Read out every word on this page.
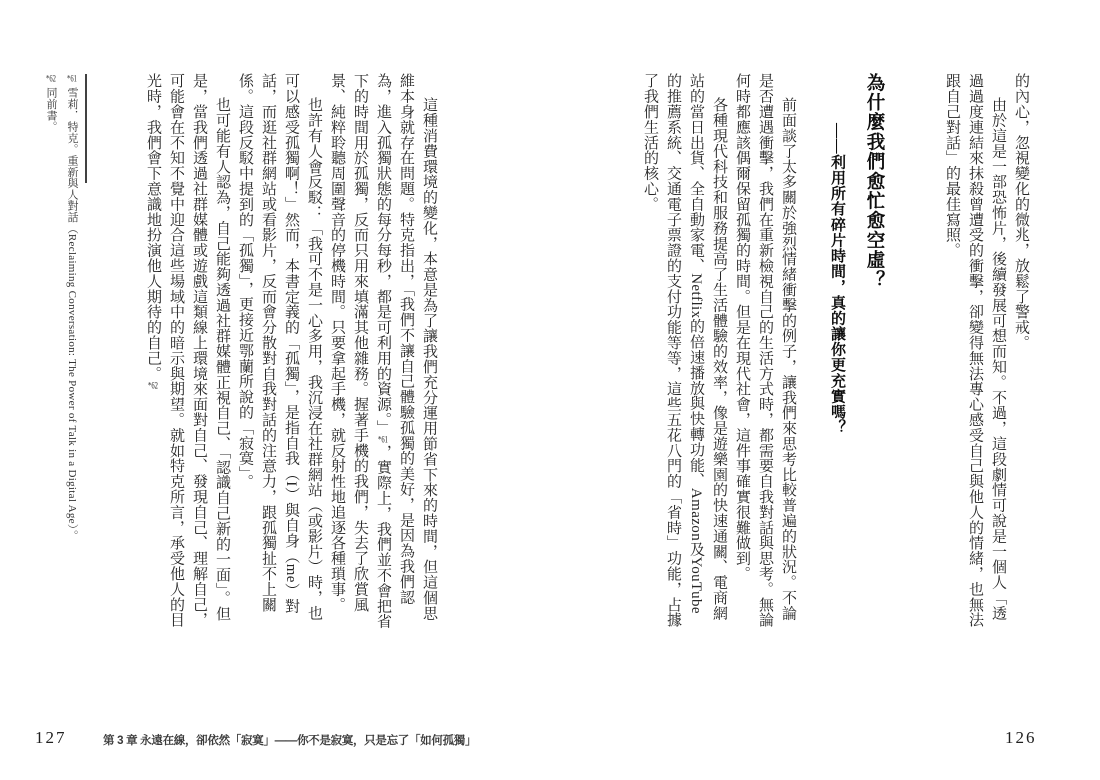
這種消費環境的變化，本意是為了讓我們充分運用節省下來的時間，但這個思維本身就存在問題。特克指出，「我們不讓自己體驗孤獨的美好，是因為我們認為，進入孤獨狀態的每分每秒，都是可利用的資源。」*61，實際上，我們並不會把省下的時間用於孤獨，反而只用來填滿其他雜務。握著手機的我們，失去了欣賞風景、純粹聆聽周圍聲音的停機時間。只要拿起手機，就反射性地追逐各種瑣事。

也許有人會反駁：「我可不是一心多用，我沉浸在社群網站（或影片）時，也可以感受孤獨啊！」然而，本書定義的「孤獨」，是指自我（I）與自身（me）對話，而逛社群網站或看影片，反而會分散對自我對話的注意力，跟孤獨扯不上關係。這段反駁中提到的「孤獨」，更接近鄂蘭所說的「寂寞」。

也可能有人認為，自己能夠透過社群媒體正視自己、「認識自己新的一面」。但是，當我們透過社群媒體或遊戲這類線上環境來面對自己、發現自己、理解自己，可能會在不知不覺中迎合這些場域中的暗示與期望。就如特克所言，承受他人的目光時，我們會下意識地扮演他人期待的自己。*62

*61雪莉．特克。重新與人對話（Reclaiming Conversation: The Power of Talk in a Digital Age）。

*62同前書。

127	第 3 章 永遠在線，卻依然「寂寞」——你不是寂寞，只是忘了「如何孤獨」

的內心，忽視變化的微兆，放鬆了警戒。

由於這是一部恐怖片，後續發展可想而知。不過，這段劇情可說是一個人「透過過度連結來抹殺曾遭受的衝擊，卻變得無法專心感受自己與他人的情緒，也無法跟自己對話」的最佳寫照。

為什麼我們愈忙愈空虛？
——利用所有碎片時間，真的讓你更充實嗎？

前面談了太多關於強烈情緒衝擊的例子，讓我們來思考比較普遍的狀況。不論是否遭遇衝擊，我們在重新檢視自己的生活方式時，都需要自我對話與思考。無論何時都應該偶爾保留孤獨的時間。但是在現代社會，這件事確實很難做到。

各種現代科技和服務提高了生活體驗的效率，像是遊樂園的快速通關、電商網站的當日出貨、全自動家電、Netflix的倍速播放與快轉功能、Amazon及YouTube的推薦系統、交通電子票證的支付功能等等，這些五花八門的「省時」功能，占據了我們生活的核心。

126
